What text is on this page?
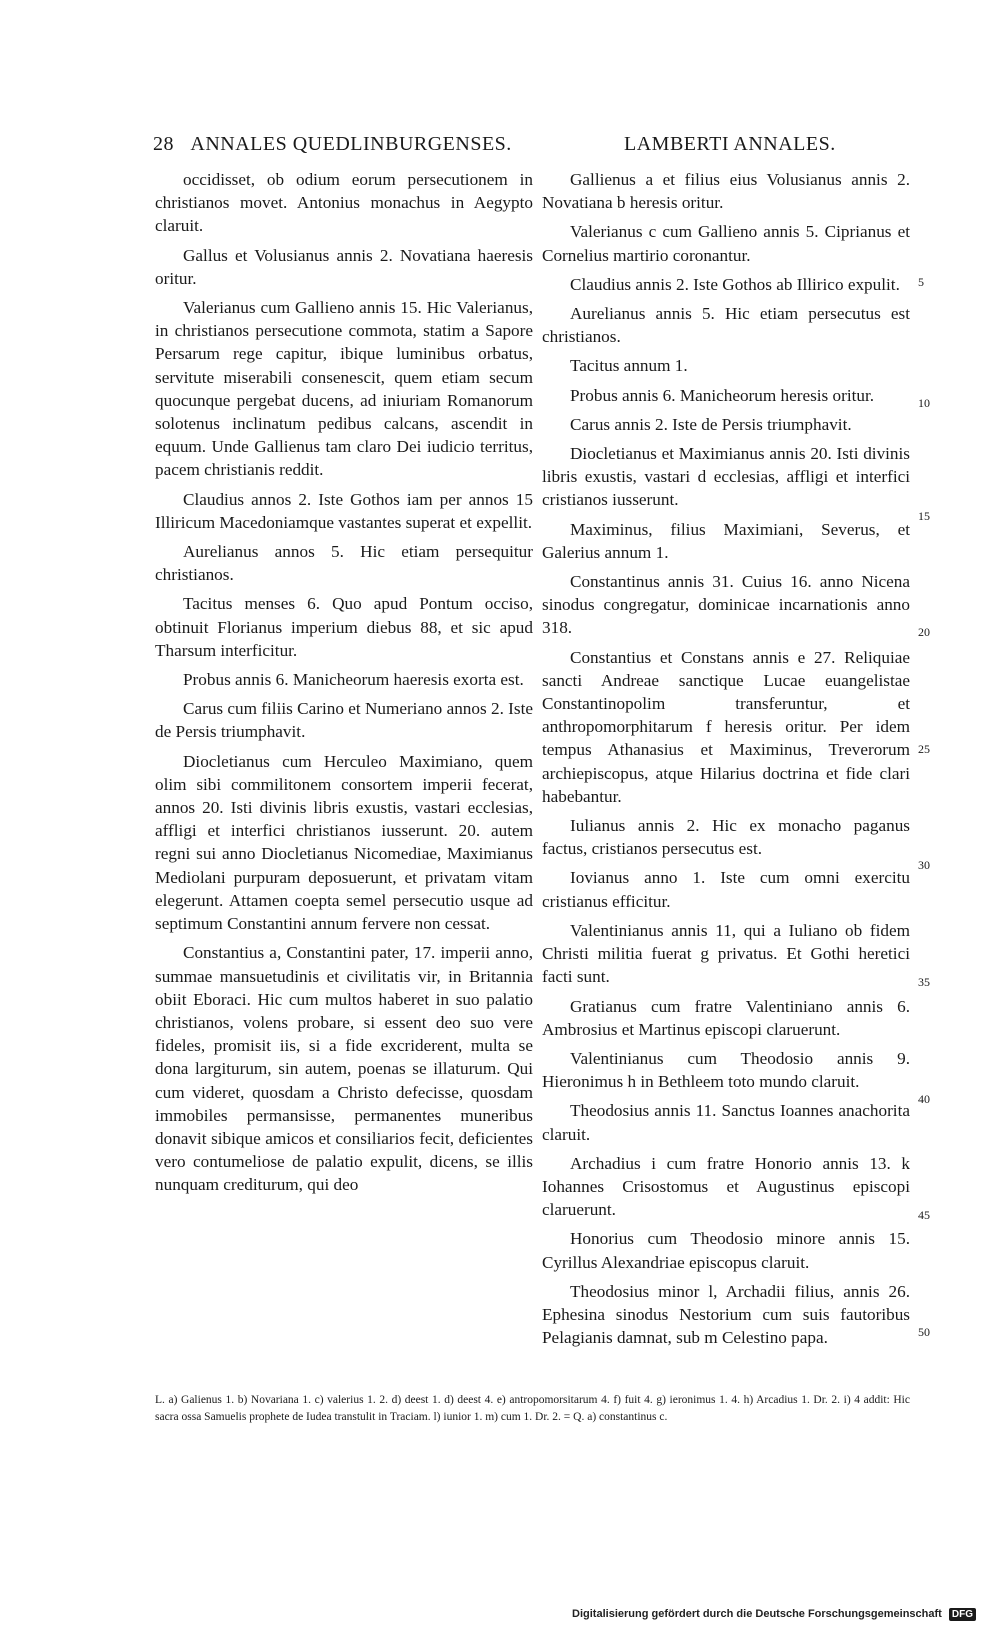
28 ANNALES QUEDLINBURGENSES.	LAMBERTI ANNALES.

occidisset, ob odium eorum persecutionem in christianos movet. Antonius monachus in Aegypto claruit.

Gallus et Volusianus annis 2. Novatiana haeresis oritur.

Valerianus cum Gallieno annis 15. Hic Valerianus, in christianos persecutione commota, statim a Sapore Persarum rege capitur, ibique luminibus orbatus, servitute miserabili consenescit, quem etiam secum quocunque pergebat ducens, ad iniuriam Romanorum solotenus inclinatum pedibus calcans, ascendit in equum. Unde Gallienus tam claro Dei iudicio territus, pacem christianis reddit.

Claudius annos 2. Iste Gothos iam per annos 15 Illiricum Macedoniamque vastantes superat et expellit.

Aurelianus annos 5. Hic etiam persequitur christianos.

Tacitus menses 6. Quo apud Pontum occiso, obtinuit Florianus imperium diebus 88, et sic apud Tharsum interficitur.

Probus annis 6. Manicheorum haeresis exorta est.

Carus cum filiis Carino et Numeriano annos 2. Iste de Persis triumphavit.

Diocletianus cum Herculeo Maximiano, quem olim sibi commilitonem consortem imperii fecerat, annos 20. Isti divinis libris exustis, vastari ecclesias, affligi et interfici christianos iusserunt. 20. autem regni sui anno Diocletianus Nicomediae, Maximianus Mediolani purpuram deposuerunt, et privatam vitam elegerunt. Attamen coepta semel persecutio usque ad septimum Constantini annum fervere non cessat.

Constantius a, Constantini pater, 17. imperii anno, summae mansuetudinis et civilitatis vir, in Britannia obiit Eboraci. Hic cum multos haberet in suo palatio christianos, volens probare, si essent deo suo vere fideles, promisit iis, si a fide excriderent, multa se dona largiturum, sin autem, poenas se illaturum. Qui cum videret, quosdam a Christo defecisse, quosdam immobiles permansisse, permanentes muneribus donavit sibique amicos et consiliarios fecit, deficientes vero contumeliose de palatio expulit, dicens, se illis nunquam crediturum, qui deo

Gallienus a et filius eius Volusianus annis 2. Novatiana b heresis oritur.

Valerianus c cum Gallieno annis 5. Ciprianus et Cornelius martirio coronantur.

Claudius annis 2. Iste Gothos ab Illirico expulit.

Aurelianus annis 5. Hic etiam persecutus est christianos.

Tacitus annum 1.

Probus annis 6. Manicheorum heresis oritur.

Carus annis 2. Iste de Persis triumphavit.

Diocletianus et Maximianus annis 20. Isti divinis libris exustis, vastari d ecclesias, affligi et interfici cristianos iusserunt.

Maximinus, filius Maximiani, Severus, et Galerius annum 1.

Constantinus annis 31. Cuius 16. anno Nicena sinodus congregatur, dominicae incarnationis anno 318.

Constantius et Constans annis e 27. Reliquiae sancti Andreae sanctique Lucae euangelistae Constantinopolim transferuntur, et anthropomorphitarum f heresis oritur. Per idem tempus Athanasius et Maximinus, Treverorum archiepiscopus, atque Hilarius doctrina et fide clari habebantur.

Iulianus annis 2. Hic ex monacho paganus factus, cristianos persecutus est.

Iovianus anno 1. Iste cum omni exercitu cristianus efficitur.

Valentinianus annis 11, qui a Iuliano ob fidem Christi militia fuerat g privatus. Et Gothi heretici facti sunt.

Gratianus cum fratre Valentiniano annis 6. Ambrosius et Martinus episcopi claruerunt.

Valentinianus cum Theodosio annis 9. Hieronimus h in Bethleem toto mundo claruit.

Theodosius annis 11. Sanctus Ioannes anachorita claruit.

Archadius i cum fratre Honorio annis 13. k Iohannes Crisostomus et Augustinus episcopi claruerunt.

Honorius cum Theodosio minore annis 15. Cyrillus Alexandriae episcopus claruit.

Theodosius minor l, Archadii filius, annis 26. Ephesina sinodus Nestorium cum suis fautoribus Pelagianis damnat, sub m Celestino papa.

5
10
15
20
25
30
35
40
45
50
L. a) Galienus 1. b) Novariana 1. c) valerius 1. 2. d) deest 1. d) deest 4. e) antropomorsitarum 4. f) fuit 4. g) ieronimus 1. 4. h) Arcadius 1. Dr. 2. i) 4 addit: Hic sacra ossa Samuelis prophete de Iudea transtulit in Traciam. l) iunior 1. m) cum 1. Dr. 2. = Q. a) constantinus c.
Digitalisierung gefördert durch die Deutsche Forschungsgemeinschaft DFG
